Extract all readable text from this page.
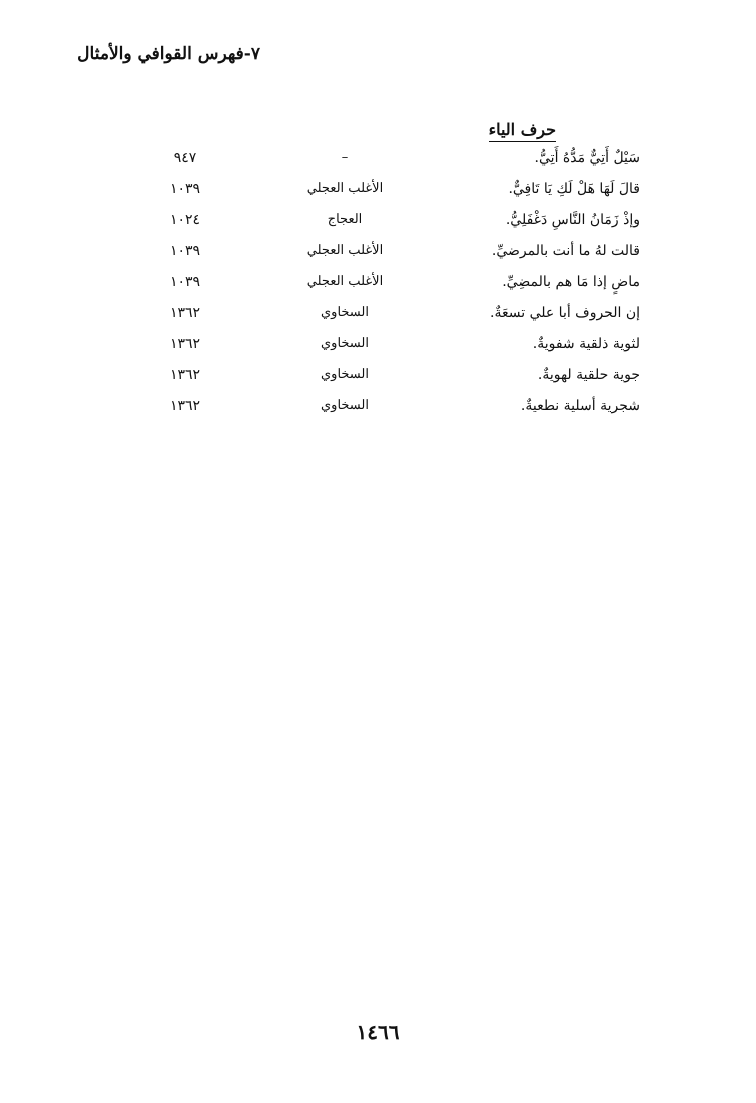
٧-فهرس القوافي والأمثال
حرف الياء
سَيْلٌ أَتِيٌّ مَدُّهُ أَتِيُّ.
–
٩٤٧
قالَ لَهَا هَلْ لَكِ يَا تَافِيٌّ.
الأغلب العجلي
١٠٣٩
وإذْ زَمَانُ النَّاسِ دَغْفَلِيُّ.
العجاج
١٠٢٤
قالت لهُ ما أنت بالمرضيِّ.
الأغلب العجلي
١٠٣٩
ماضٍ إذا مَا هم بالمضِيِّ.
الأغلب العجلي
١٠٣٩
إن الحروف أبا علي تسعَةٌ.
السخاوي
١٣٦٢
لثوية ذلقية شفويةٌ.
السخاوي
١٣٦٢
جوية حلقية لهويةٌ.
السخاوي
١٣٦٢
شجرية أسلية نطعيةٌ.
السخاوي
١٣٦٢
١٤٦٦
